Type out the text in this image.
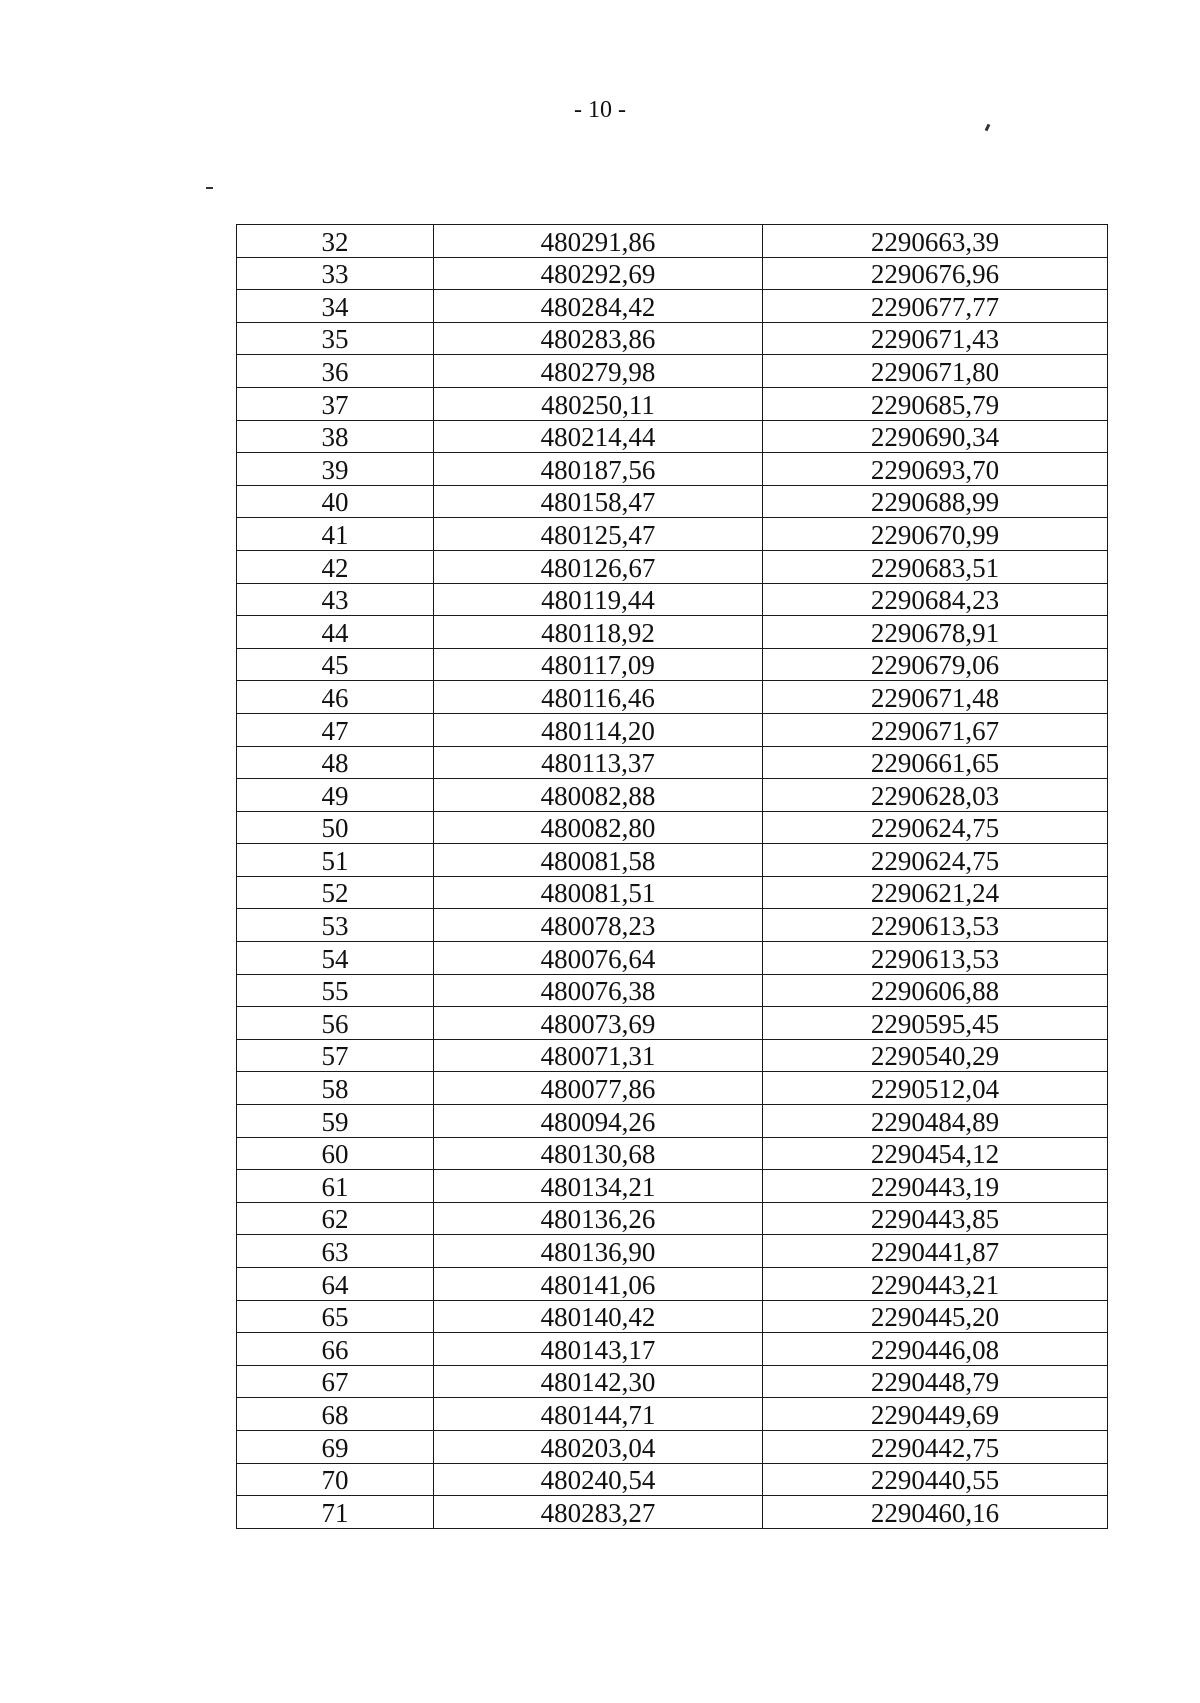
- 10 -
32	480291,86	2290663,39
33	480292,69	2290676,96
34	480284,42	2290677,77
35	480283,86	2290671,43
36	480279,98	2290671,80
37	480250,11	2290685,79
38	480214,44	2290690,34
39	480187,56	2290693,70
40	480158,47	2290688,99
41	480125,47	2290670,99
42	480126,67	2290683,51
43	480119,44	2290684,23
44	480118,92	2290678,91
45	480117,09	2290679,06
46	480116,46	2290671,48
47	480114,20	2290671,67
48	480113,37	2290661,65
49	480082,88	2290628,03
50	480082,80	2290624,75
51	480081,58	2290624,75
52	480081,51	2290621,24
53	480078,23	2290613,53
54	480076,64	2290613,53
55	480076,38	2290606,88
56	480073,69	2290595,45
57	480071,31	2290540,29
58	480077,86	2290512,04
59	480094,26	2290484,89
60	480130,68	2290454,12
61	480134,21	2290443,19
62	480136,26	2290443,85
63	480136,90	2290441,87
64	480141,06	2290443,21
65	480140,42	2290445,20
66	480143,17	2290446,08
67	480142,30	2290448,79
68	480144,71	2290449,69
69	480203,04	2290442,75
70	480240,54	2290440,55
71	480283,27	2290460,16
